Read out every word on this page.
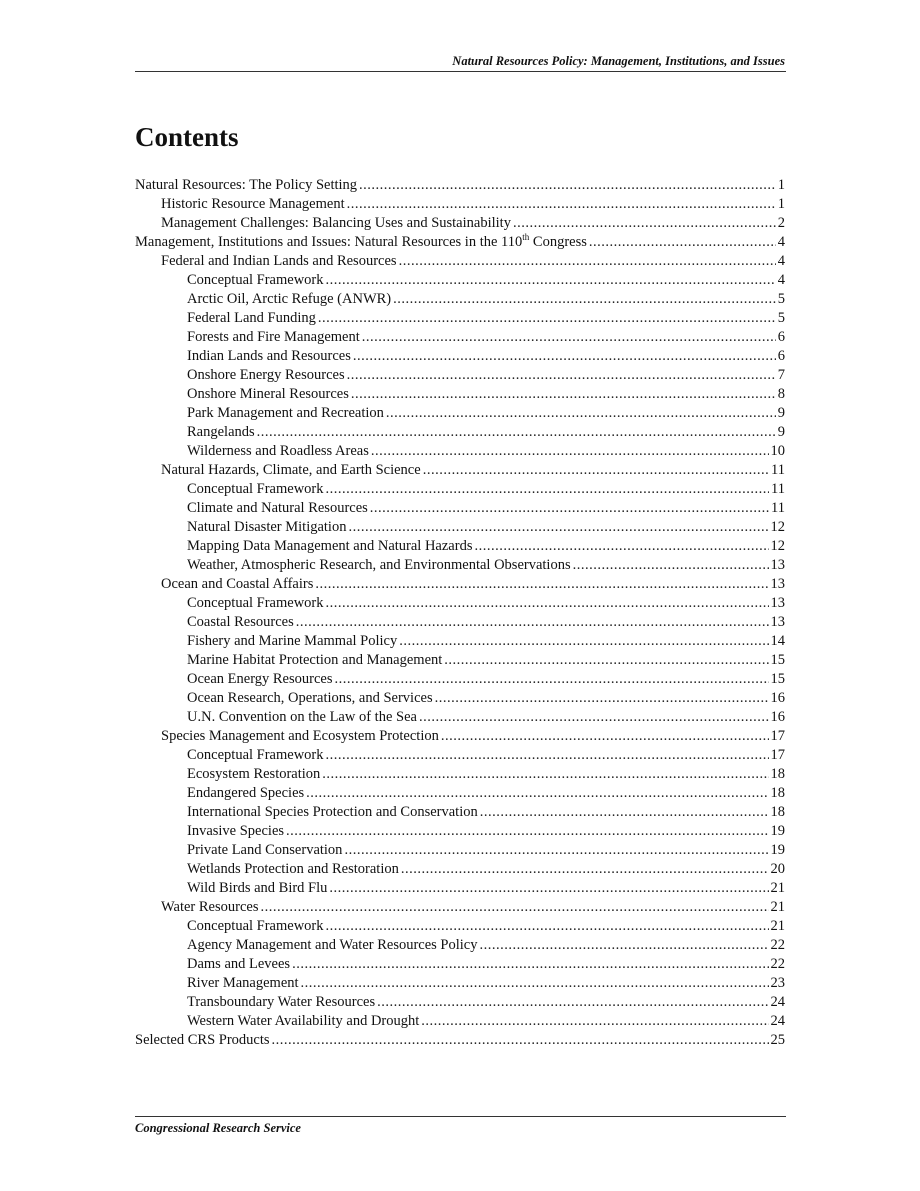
Natural Resources Policy: Management, Institutions, and Issues
Contents
Natural Resources: The Policy Setting .....	1
Historic Resource Management .....	1
Management Challenges: Balancing Uses and Sustainability .....	2
Management, Institutions and Issues: Natural Resources in the 110th Congress .....	4
Federal and Indian Lands and Resources .....	4
Conceptual Framework .....	4
Arctic Oil, Arctic Refuge (ANWR) .....	5
Federal Land Funding .....	5
Forests and Fire Management .....	6
Indian Lands and Resources .....	6
Onshore Energy Resources .....	7
Onshore Mineral Resources .....	8
Park Management and Recreation .....	9
Rangelands .....	9
Wilderness and Roadless Areas .....	10
Natural Hazards, Climate, and Earth Science .....	11
Conceptual Framework .....	11
Climate and Natural Resources .....	11
Natural Disaster Mitigation .....	12
Mapping Data Management and Natural Hazards .....	12
Weather, Atmospheric Research, and Environmental Observations .....	13
Ocean and Coastal Affairs .....	13
Conceptual Framework .....	13
Coastal Resources .....	13
Fishery and Marine Mammal Policy .....	14
Marine Habitat Protection and Management .....	15
Ocean Energy Resources .....	15
Ocean Research, Operations, and Services .....	16
U.N. Convention on the Law of the Sea .....	16
Species Management and Ecosystem Protection .....	17
Conceptual Framework .....	17
Ecosystem Restoration .....	18
Endangered Species .....	18
International Species Protection and Conservation .....	18
Invasive Species .....	19
Private Land Conservation .....	19
Wetlands Protection and Restoration .....	20
Wild Birds and Bird Flu .....	21
Water Resources .....	21
Conceptual Framework .....	21
Agency Management and Water Resources Policy .....	22
Dams and Levees .....	22
River Management .....	23
Transboundary Water Resources .....	24
Western Water Availability and Drought .....	24
Selected CRS Products .....	25
Congressional Research Service
